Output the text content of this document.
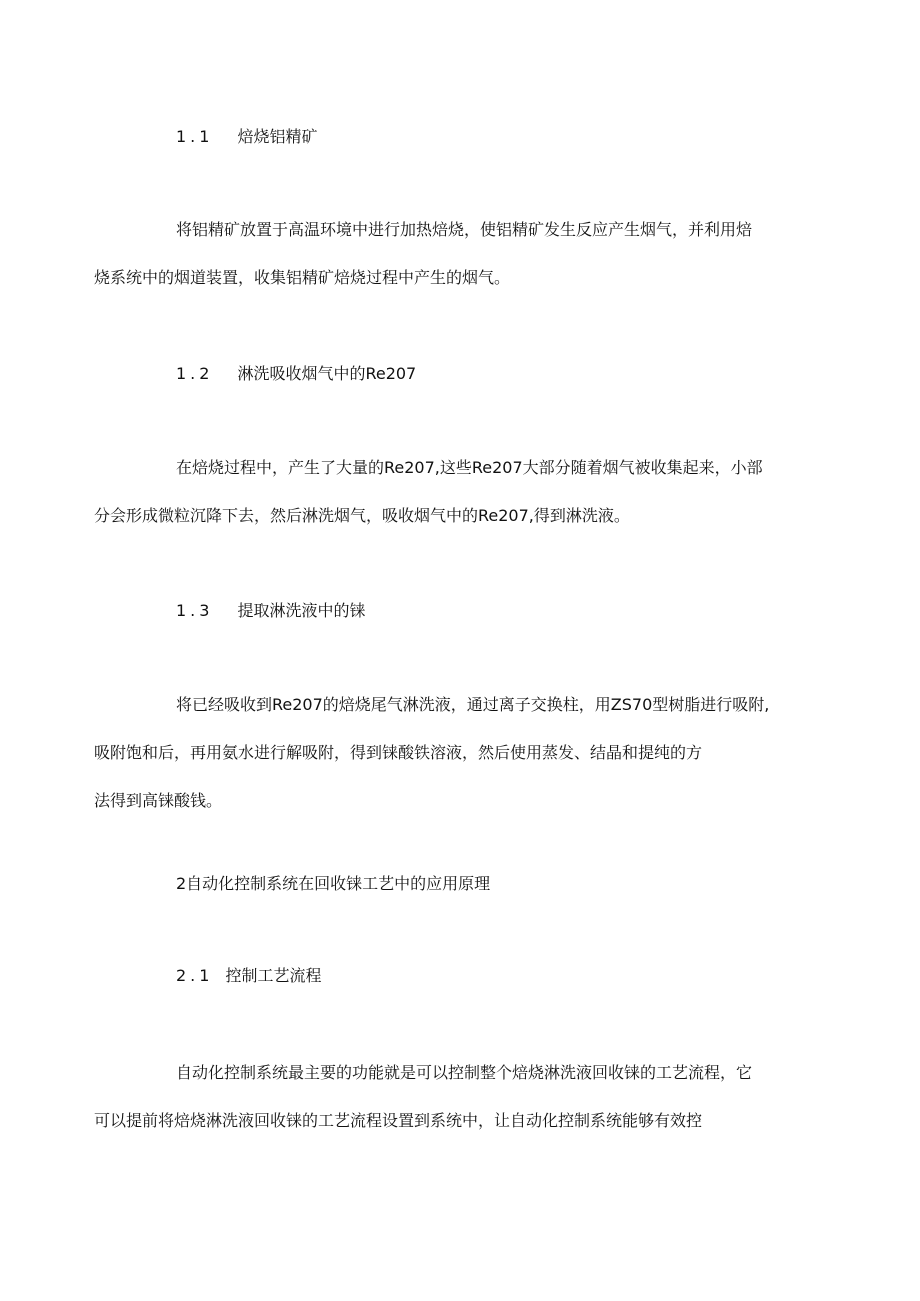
1.1 焙烧铝精矿
将铝精矿放置于高温环境中进行加热焙烧，使铝精矿发生反应产生烟气，并利用焙
烧系统中的烟道装置，收集铝精矿焙烧过程中产生的烟气。
1.2 淋洗吸收烟气中的Re207
在焙烧过程中，产生了大量的Re207,这些Re207大部分随着烟气被收集起来，小部
分会形成微粒沉降下去，然后淋洗烟气，吸收烟气中的Re207,得到淋洗液。
1.3 提取淋洗液中的铼
将已经吸收到Re207的焙烧尾气淋洗液，通过离子交换柱，用ZS70型树脂进行吸附,
吸附饱和后，再用氨水进行解吸附，得到铼酸铁溶液，然后使用蒸发、结晶和提纯的方
法得到高铼酸钱。
2自动化控制系统在回收铼工艺中的应用原理
2.1 控制工艺流程
自动化控制系统最主要的功能就是可以控制整个焙烧淋洗液回收铼的工艺流程，它
可以提前将焙烧淋洗液回收铼的工艺流程设置到系统中，让自动化控制系统能够有效控
